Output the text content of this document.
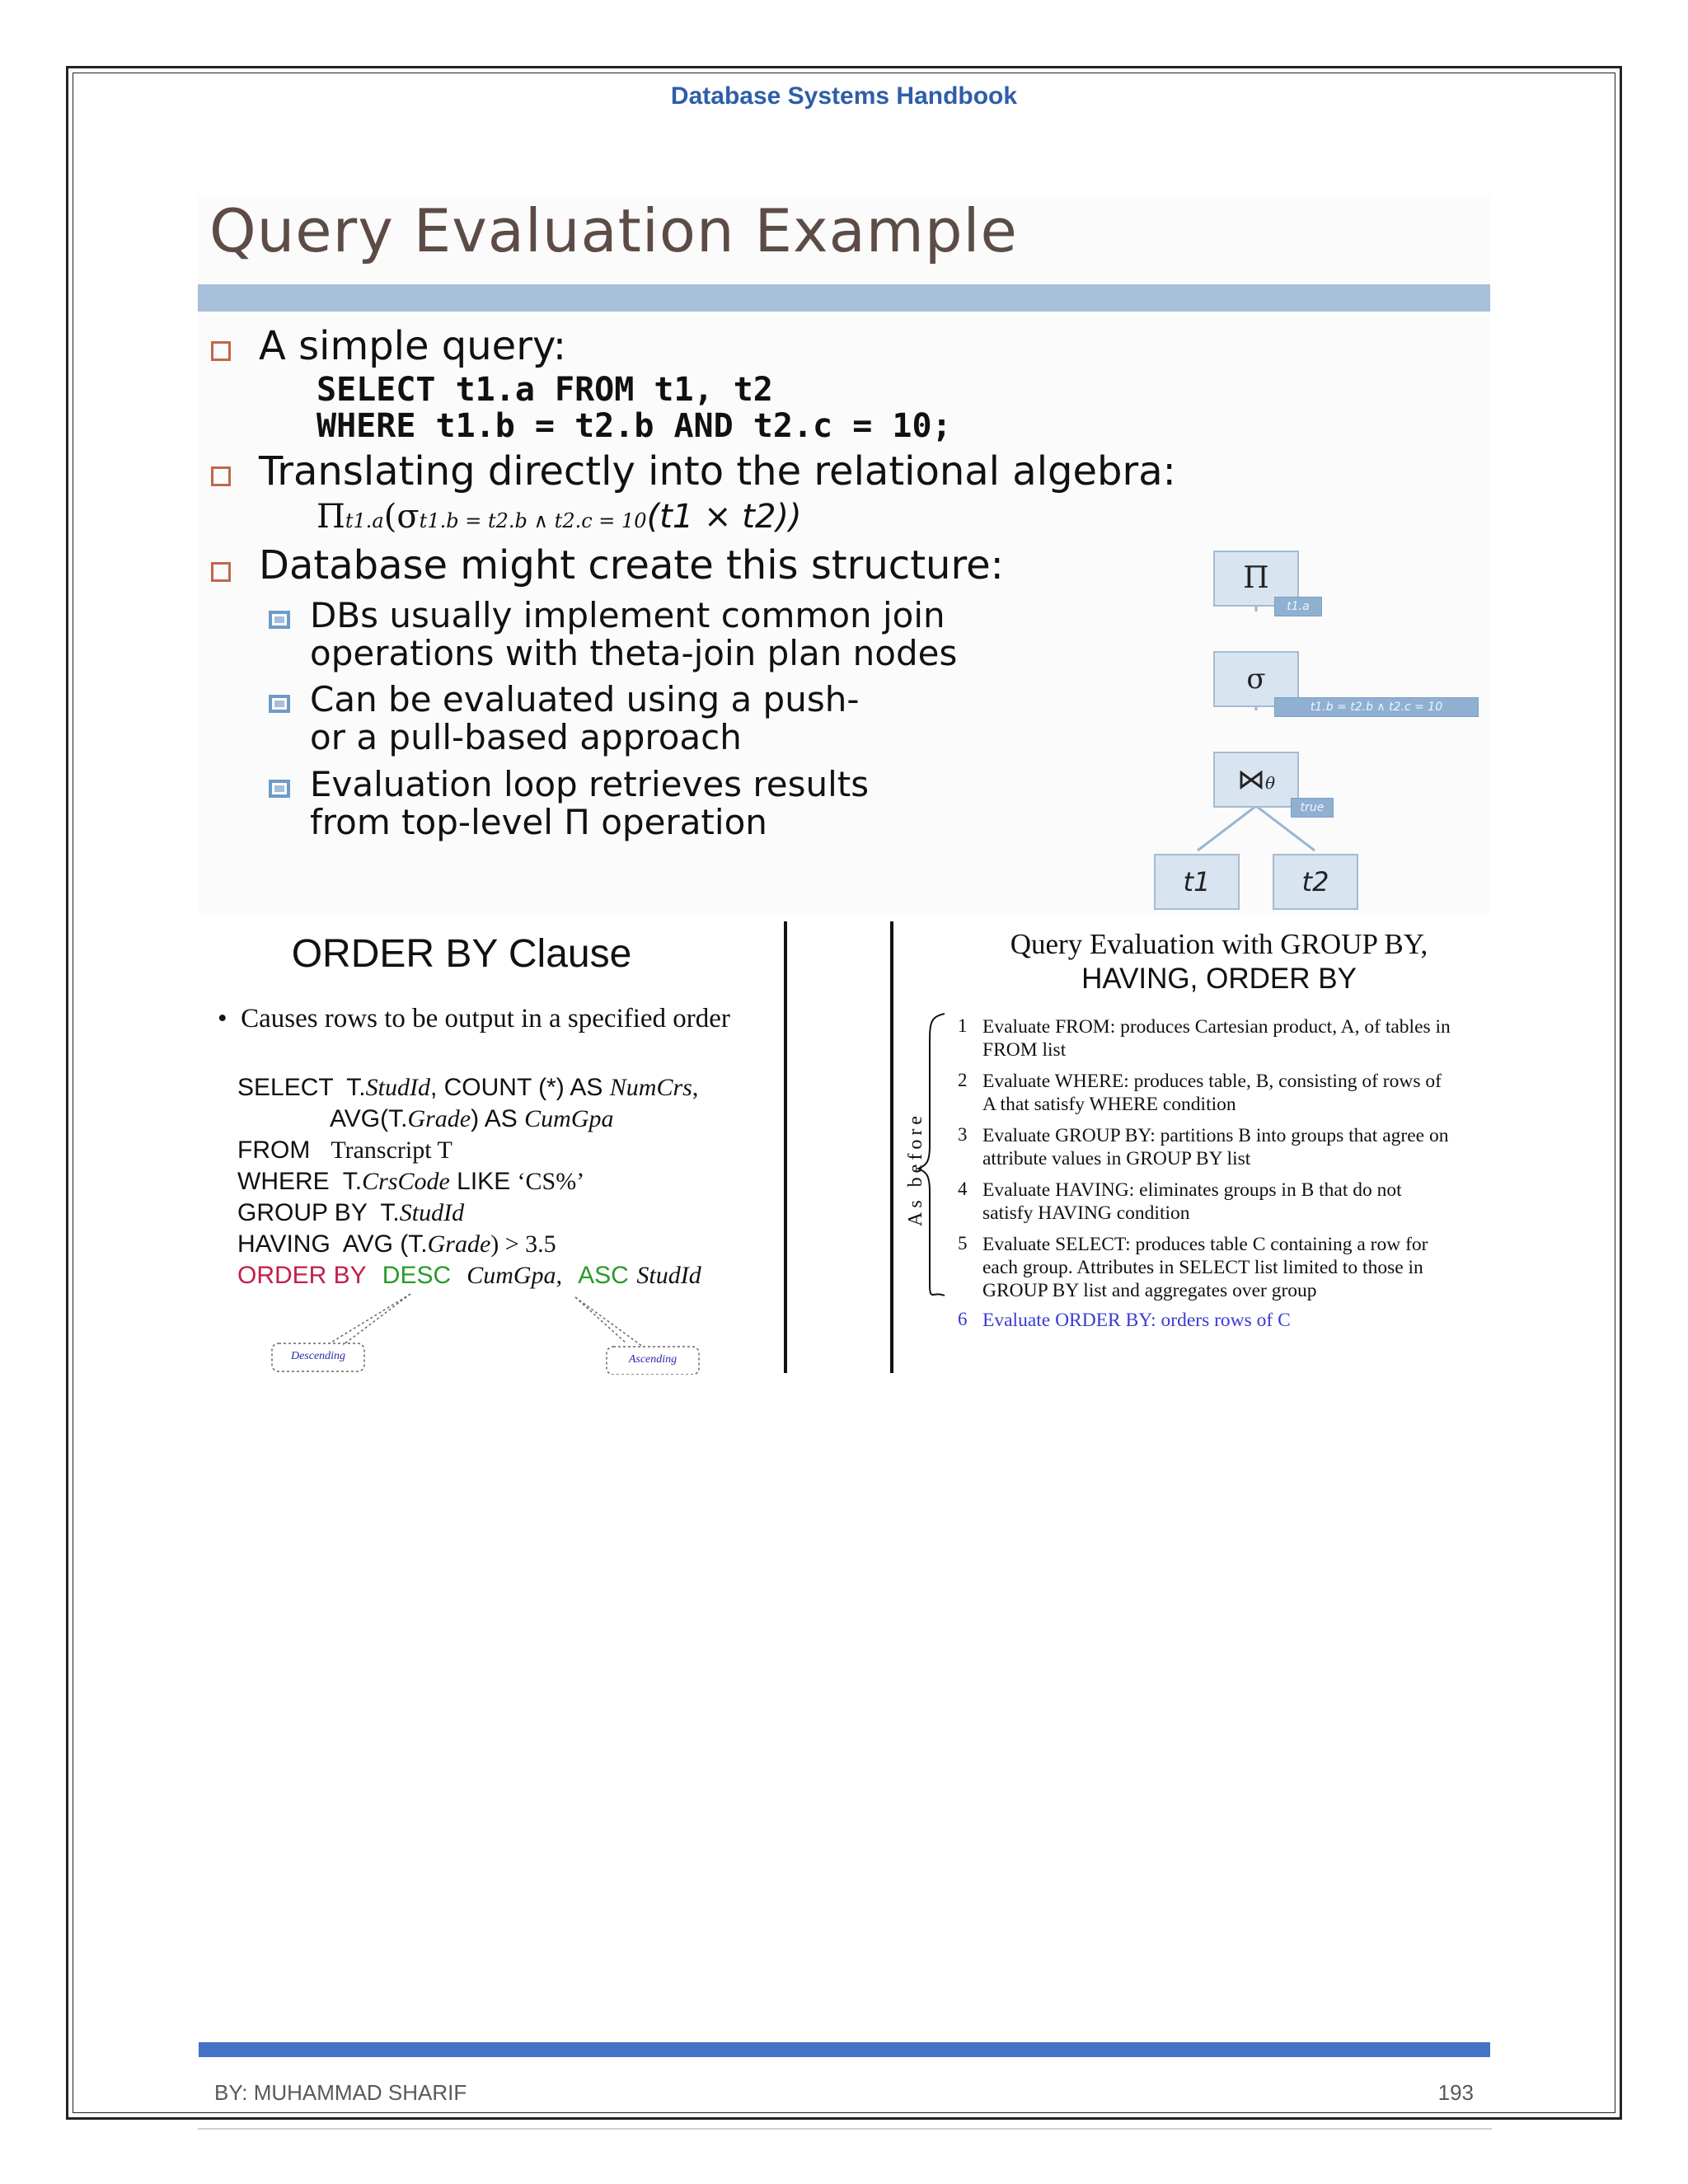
Database Systems Handbook
Query Evaluation Example
A simple query:
SELECT t1.a FROM t1, t2
WHERE t1.b = t2.b AND t2.c = 10;
Translating directly into the relational algebra:
Πt1.a(σt1.b = t2.b ∧ t2.c = 10(t1 × t2))
Database might create this structure:
DBs usually implement common join
operations with theta-join plan nodes
Can be evaluated using a push-
or a pull-based approach
Evaluation loop retrieves results
from top-level Π operation
Π
t1.a
σ
t1.b = t2.b ∧ t2.c = 10
⋈θ
true
t1	t2
ORDER BY Clause
•  Causes rows to be output in a specified order
SELECT  T.StudId, COUNT (*) AS NumCrs,
AVG(T.Grade) AS CumGpa
FROM   Transcript T
WHERE  T.CrsCode LIKE ‘CS%’
GROUP BY  T.StudId
HAVING  AVG (T.Grade) > 3.5
ORDER BY DESC CumGpa, ASC StudId
Descending	Ascending
Query Evaluation with GROUP BY,
HAVING, ORDER BY
As before
1 Evaluate FROM: produces Cartesian product, A, of tables in
FROM list
2 Evaluate WHERE: produces table, B, consisting of rows of
A that satisfy WHERE condition
3 Evaluate GROUP BY: partitions B into groups that agree on
attribute values in GROUP BY list
4 Evaluate HAVING: eliminates groups in B that do not
satisfy HAVING condition
5 Evaluate SELECT: produces table C containing a row for
each group. Attributes in SELECT list limited to those in
GROUP BY list and aggregates over group
6 Evaluate ORDER BY: orders rows of C
BY: MUHAMMAD SHARIF	193
